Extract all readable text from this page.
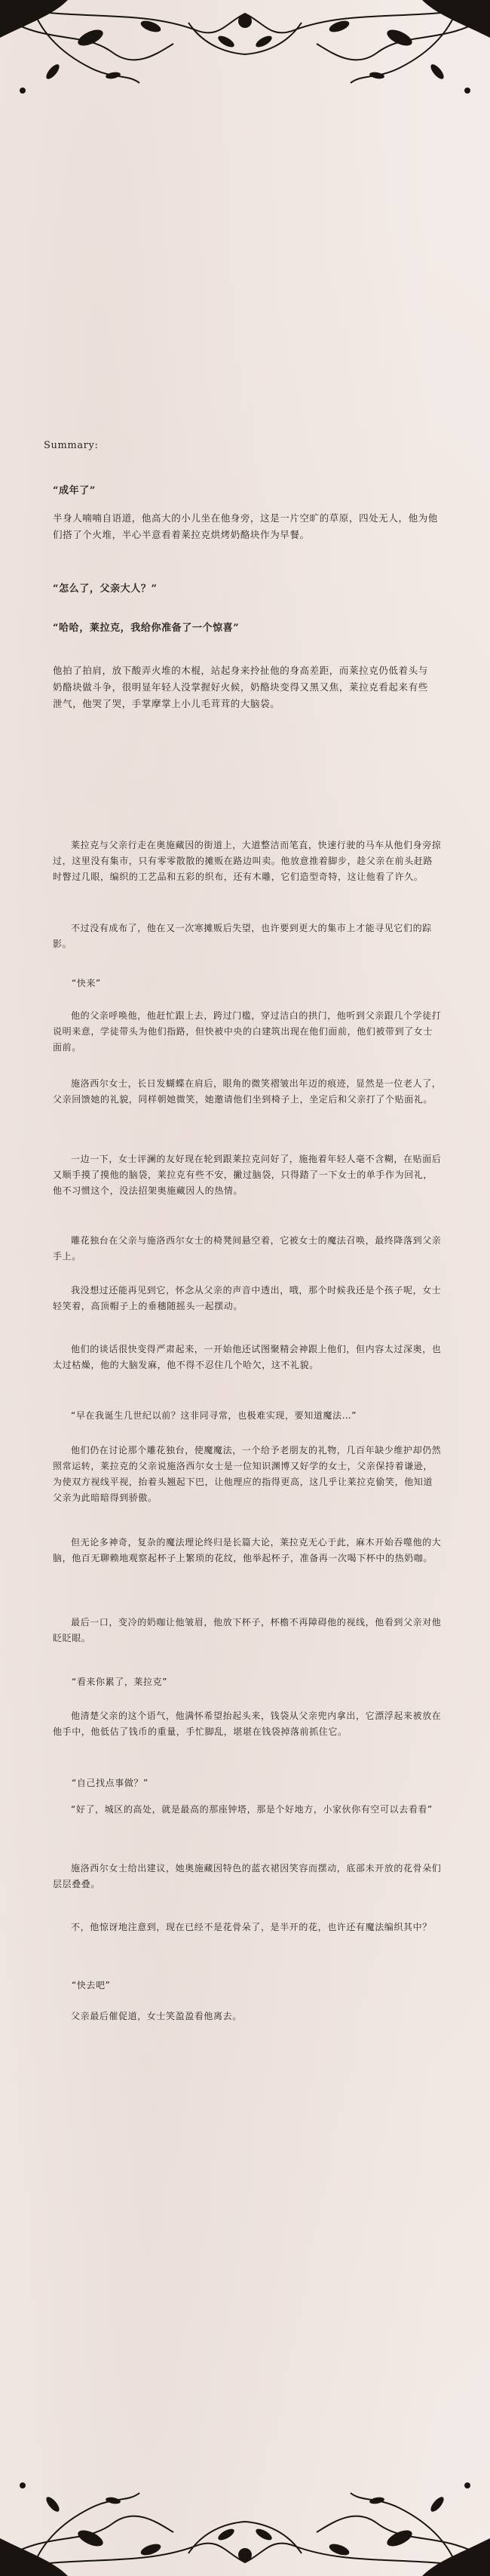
Summary:
“成年了”
半身人喃喃自语道，他高大的小儿坐在他身旁，这是一片空旷的草原，四处无人，他为他们搭了个火堆，半心半意看着莱拉克烘烤奶酪块作为早餐。
“怎么了，父亲大人？”
“哈哈，莱拉克，我给你准备了一个惊喜”
他拍了拍肩，放下酸弄火堆的木棍，站起身来拎扯他的身高差距，而莱拉克仍低着头与奶酪块做斗争，很明显年轻人没掌握好火候，奶酪块变得又黑又焦，莱拉克看起来有些泄气，他哭了哭，手掌摩掌上小儿毛茸茸的大脑袋。
莱拉克与父亲行走在奥施藏因的街道上，大道整洁而笔直，快速行驶的马车从他们身旁掠过，这里没有集市，只有零零散散的摊贩在路边叫卖。他放意推着脚步，趁父亲在前头赶路时瞥过几眼，编织的工艺品和五彩的织布，还有木雕，它们造型奇特，这让他看了许久。
不过没有成布了，他在又一次寒摊贩后失望，也许要到更大的集市上才能寻见它们的踪影。
“快来”
他的父亲呼唤他，他赶忙跟上去，跨过门槛，穿过洁白的拱门，他听到父亲跟几个学徒打说明来意，学徒带头为他们指路，但快被中央的白建筑出现在他们面前，他们被带到了女士面前。
施洛西尔女士，长日发蝴蝶在肩后，眼角的微笑褶皱出年迈的痕迹，显然是一位老人了，父亲回馈她的礼貌，同样朝她微笑，她邀请他们坐到椅子上，坐定后和父亲打了个贴面礼。
一边一下，女士评澜的友好现在轮到跟莱拉克问好了，施拖着年轻人毫不含糊，在贴面后又顺手摸了摸他的脑袋，莱拉克有些不安，撇过脑袋，只得踏了一下女士的单手作为回礼，他不习惯这个，没法招架奥施藏因人的热情。
雕花独台在父亲与施洛西尔女士的椅凳间悬空着，它被女士的魔法召唤，最终降落到父亲手上。
我没想过还能再见到它，怀念从父亲的声音中透出，哦，那个时候我还是个孩子呢，女士轻笑着，高顶帽子上的垂穗随摇头一起摆动。
他们的谈话很快变得严肃起来，一开始他还试图聚精会神跟上他们，但内容太过深奥，也太过枯燥，他的大脑发麻，他不得不忍住几个哈欠，这不礼貌。
“早在我诞生几世纪以前？这非同寻常，也极难实现，要知道魔法…”
他们仍在讨论那个雕花独台，使魔魔法，一个给予老朋友的礼物，几百年缺少维护却仍然照常运转，莱拉克的父亲说施洛西尔女士是一位知识渊博又好学的女士，父亲保持着谦逊，为使双方视线平视，抬着头翘起下巴，让他理应的指得更高，这几乎让莱拉克偷笑，他知道父亲为此暗暗得到骄傲。
但无论多神奇，复杂的魔法理论终归是长篇大论，莱拉克无心于此，麻木开始吞噬他的大脑，他百无聊赖地观察起杯子上繁琐的花纹，他举起杯子，准备再一次喝下杯中的热奶咖。
最后一口，变冷的奶咖让他皱眉，他放下杯子，杯檐不再障碍他的视线，他看到父亲对他眨眨眼。
“看来你累了，莱拉克”
他清楚父亲的这个语气，他满怀希望抬起头来，钱袋从父亲兜内拿出，它漂浮起来被放在他手中，他低估了钱币的重量，手忙脚乱，堪堪在钱袋掉落前抓住它。
“自己找点事做？”
“好了，城区的高处，就是最高的那座钟塔，那是个好地方，小家伙你有空可以去看看”
施洛西尔女士给出建议，她奥施藏因特色的蓝衣裙因笑容而摆动，底部未开放的花骨朵们层层叠叠。
不，他惊讶地注意到，现在已经不是花骨朵了，是半开的花，也许还有魔法编织其中？
“快去吧”
父亲最后催促道，女士笑盈盈看他离去。
